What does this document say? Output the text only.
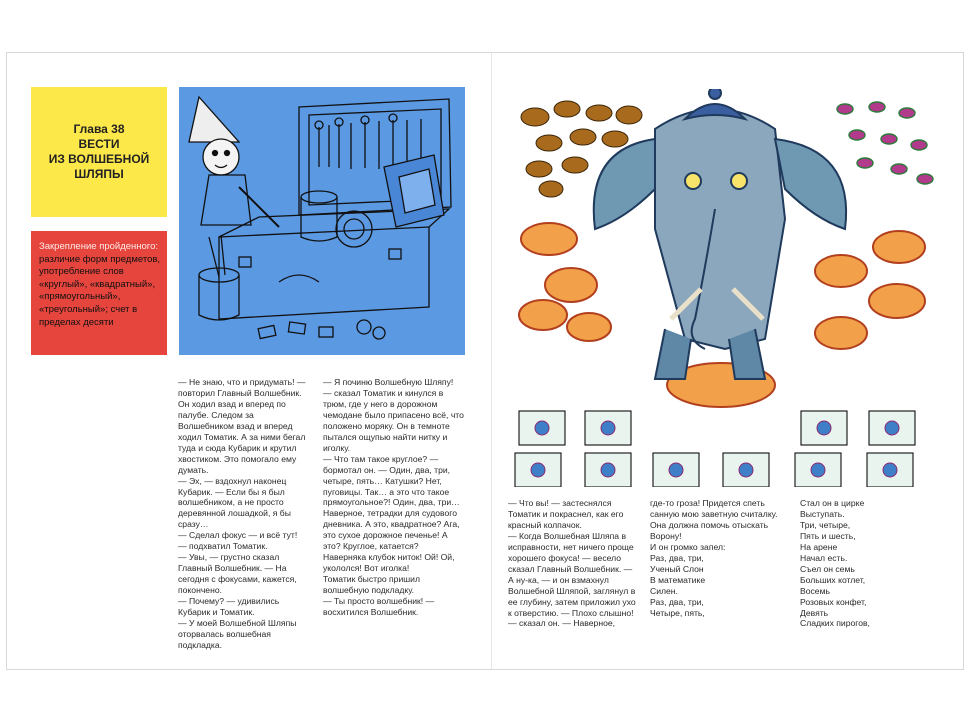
Глава 38
ВЕСТИ
ИЗ ВОЛШЕБНОЙ
ШЛЯПЫ
Закрепление пройденного: различие форм предметов, употребление слов «круглый», «квадратный», «прямоугольный», «треугольный»; счет в пределах десяти

— Не знаю, что и придумать! — повторил Главный Волшебник. Он ходил взад и вперед по палубе. Следом за Волшебником взад и вперед ходил Томатик. А за ними бегал туда и сюда Кубарик и крутил хвостиком. Это помогало ему думать.

— Эх, — вздохнул наконец Кубарик. — Если бы я был волшебником, а не просто деревянной лошадкой, я бы сразу…

— Сделал фокус — и всё тут! — подхватил Томатик.

— Увы, — грустно сказал Главный Волшебник. — На сегодня с фокусами, кажется, покончено.

— Почему? — удивились Кубарик и Томатик.

— У моей Волшебной Шляпы оторвалась волшебная подкладка.

— Я починю Волшебную Шляпу! — сказал Томатик и кинулся в трюм, где у него в дорожном чемодане было припасено всё, что положено моряку. Он в темноте пытался ощупью найти нитку и иголку.

— Что там такое круглое? — бормотал он. — Один, два, три, четыре, пять… Катушки? Нет, пуговицы. Так… а это что такое прямоугольное?! Один, два, три… Наверное, тетрадки для судового дневника. А это, квадратное? Ага, это сухое дорожное печенье! А это? Круглое, катается? Наверняка клубок ниток! Ой! Ой, укололся! Вот иголка!

Томатик быстро пришил волшебную подкладку.

— Ты просто волшебник! — восхитился Волшебник.

— Что вы! — застеснялся Томатик и покраснел, как его красный колпачок.

— Когда Волшебная Шляпа в исправности, нет ничего проще хорошего фокуса! — весело сказал Главный Волшебник. — А ну-ка, — и он взмахнул Волшебной Шляпой, заглянул в ее глубину, затем приложил ухо к отверстию. — Плохо слышно! — сказал он. — Наверное,

где-то гроза! Придется спеть санную мою заветную считалку. Она должна помочь отыскать Ворону!

И он громко запел:

Раз, два, три,

Ученый Слон

В математике

Силен.

Раз, два, три,

Четыре, пять,

Стал он в цирке

Выступать.

Три, четыре,

Пять и шесть,

На арене

Начал есть.

Съел он семь

Больших котлет,

Восемь

Розовых конфет,

Девять

Сладких пирогов,
